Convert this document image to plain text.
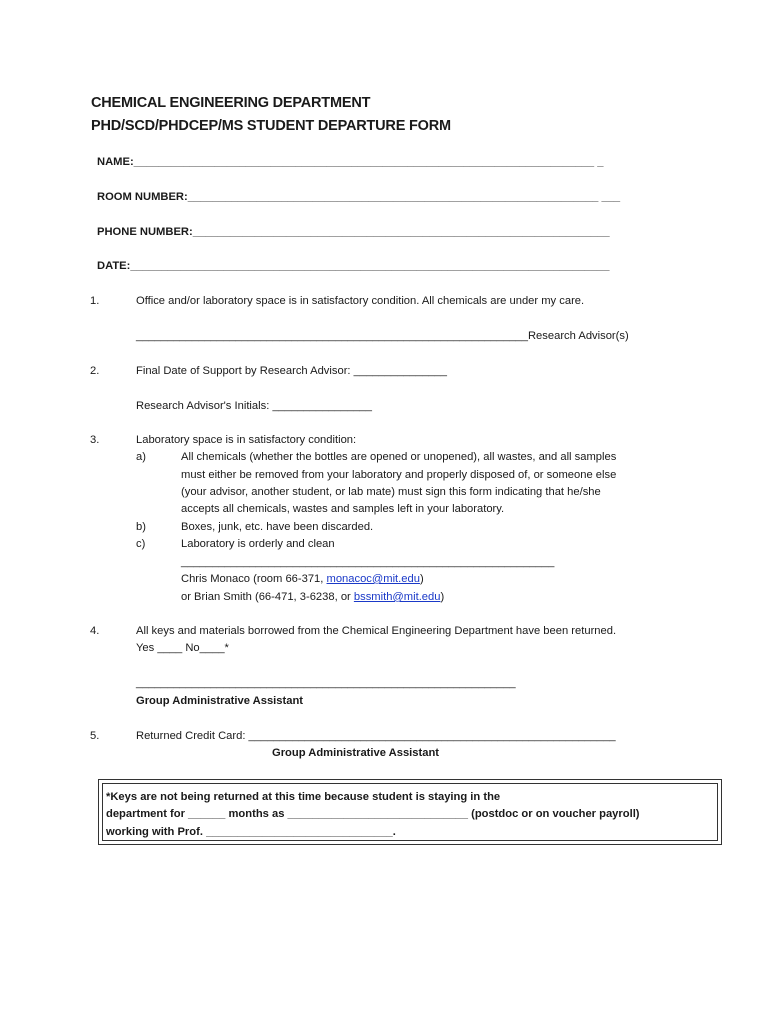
CHEMICAL ENGINEERING DEPARTMENT
PHD/SCD/PHDCEP/MS STUDENT DEPARTURE FORM
NAME:__________________________________________________________________________ _
ROOM NUMBER:__________________________________________________________________ ___
PHONE NUMBER:___________________________________________________________________
DATE:_____________________________________________________________________________
1.	Office and/or laboratory space is in satisfactory condition. All chemicals are under my care.
_______________________________________________________________Research Advisor(s)
2.	Final Date of Support by Research Advisor: _______________
Research Advisor's Initials: ________________
3.	Laboratory space is in satisfactory condition:
a)	All chemicals (whether the bottles are opened or unopened), all wastes, and all samples
must either be removed from your laboratory and properly disposed of, or someone else
(your advisor, another student, or lab mate) must sign this form indicating that he/she
accepts all chemicals, wastes and samples left in your laboratory.
b)	Boxes, junk, etc. have been discarded.
c)	Laboratory is orderly and clean
____________________________________________________________
Chris Monaco (room 66-371, monacoc@mit.edu)
or Brian Smith (66-471, 3-6238, or bssmith@mit.edu)
4.	All keys and materials borrowed from the Chemical Engineering Department have been returned.
Yes ____ No____*
_____________________________________________________________
Group Administrative Assistant
5.	Returned Credit Card: ___________________________________________________________
Group Administrative Assistant
*Keys are not being returned at this time because student is staying in the
department for ______ months as _____________________________ (postdoc or on voucher payroll)
working with Prof. ______________________________.
